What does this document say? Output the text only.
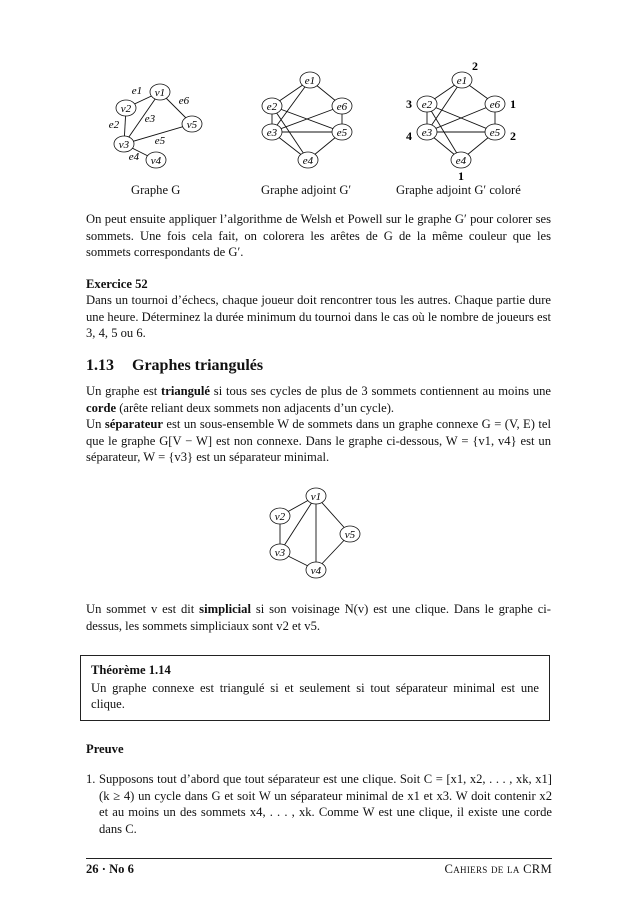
v1
v2
v3
v4
v5
e1
e2 e3
e4
e5
e6
Graphe G
e1
e2
e3
e4
e5
e6
Graphe adjoint G′
e1
e2
e3
e4
e5
e6
2
3
4
1
2
1
Graphe adjoint G′ coloré
On peut ensuite appliquer l’algorithme de Welsh et Powell sur le graphe G′ pour colorer ses sommets. Une fois cela fait, on colorera les arêtes de G de la même couleur que les sommets correspondants de G′.
Exercice 52
Dans un tournoi d’échecs, chaque joueur doit rencontrer tous les autres. Chaque partie dure une heure. Déterminez la durée minimum du tournoi dans le cas où le nombre de joueurs est 3, 4, 5 ou 6.
1.13 Graphes triangulés
Un graphe est triangulé si tous ses cycles de plus de 3 sommets contiennent au moins une corde (arête reliant deux sommets non adjacents d’un cycle).
Un séparateur est un sous-ensemble W de sommets dans un graphe connexe G = (V, E) tel que le graphe G[V − W] est non connexe. Dans le graphe ci-dessous, W = {v1, v4} est un séparateur, W = {v3} est un séparateur minimal.
v1
v2
v3
v4
v5
Un sommet v est dit simplicial si son voisinage N(v) est une clique. Dans le graphe ci-dessus, les sommets simpliciaux sont v2 et v5.
Théorème 1.14
Un graphe connexe est triangulé si et seulement si tout séparateur minimal est une clique.
Preuve
1. Supposons tout d’abord que tout séparateur est une clique. Soit C = [x1, x2, . . . , xk, x1] (k ≥ 4) un cycle dans G et soit W un séparateur minimal de x1 et x3. W doit contenir x2 et au moins un des sommets x4, . . . , xk. Comme W est une clique, il existe une corde dans C.
26 · No 6	Cahiers de la CRM
